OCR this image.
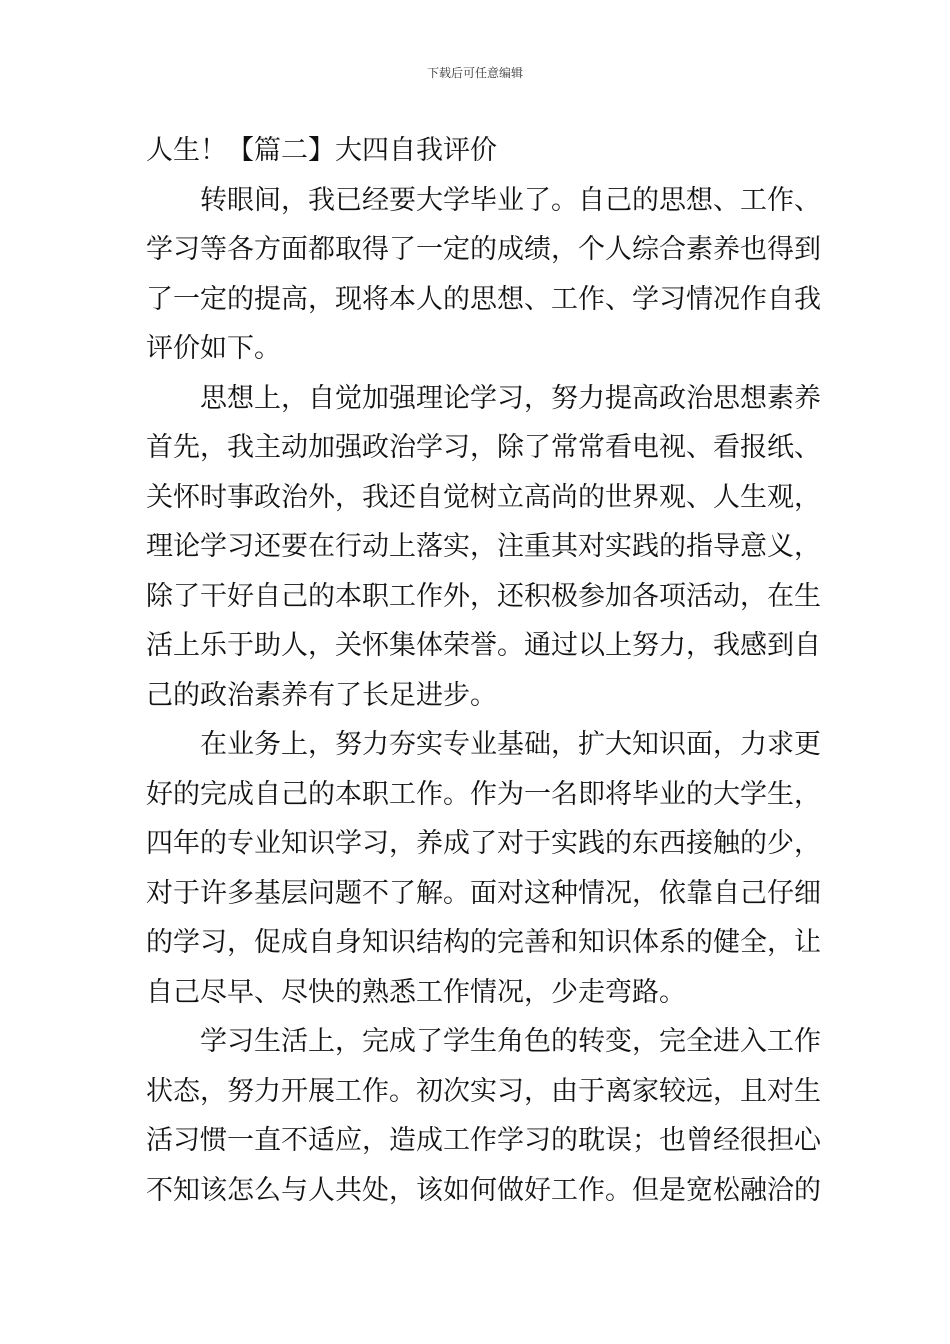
下载后可任意编辑
人生！【篇二】大四自我评价
转眼间，我已经要大学毕业了。自己的思想、工作、
学习等各方面都取得了一定的成绩，个人综合素养也得到
了一定的提高，现将本人的思想、工作、学习情况作自我
评价如下。
思想上，自觉加强理论学习，努力提高政治思想素养
首先，我主动加强政治学习，除了常常看电视、看报纸、
关怀时事政治外，我还自觉树立高尚的世界观、人生观，
理论学习还要在行动上落实，注重其对实践的指导意义，
除了干好自己的本职工作外，还积极参加各项活动，在生
活上乐于助人，关怀集体荣誉。通过以上努力，我感到自
己的政治素养有了长足进步。
在业务上，努力夯实专业基础，扩大知识面，力求更
好的完成自己的本职工作。作为一名即将毕业的大学生，
四年的专业知识学习，养成了对于实践的东西接触的少，
对于许多基层问题不了解。面对这种情况，依靠自己仔细
的学习，促成自身知识结构的完善和知识体系的健全，让
自己尽早、尽快的熟悉工作情况，少走弯路。
学习生活上，完成了学生角色的转变，完全进入工作
状态，努力开展工作。初次实习，由于离家较远，且对生
活习惯一直不适应，造成工作学习的耽误；也曾经很担心
不知该怎么与人共处，该如何做好工作。但是宽松融洽的
